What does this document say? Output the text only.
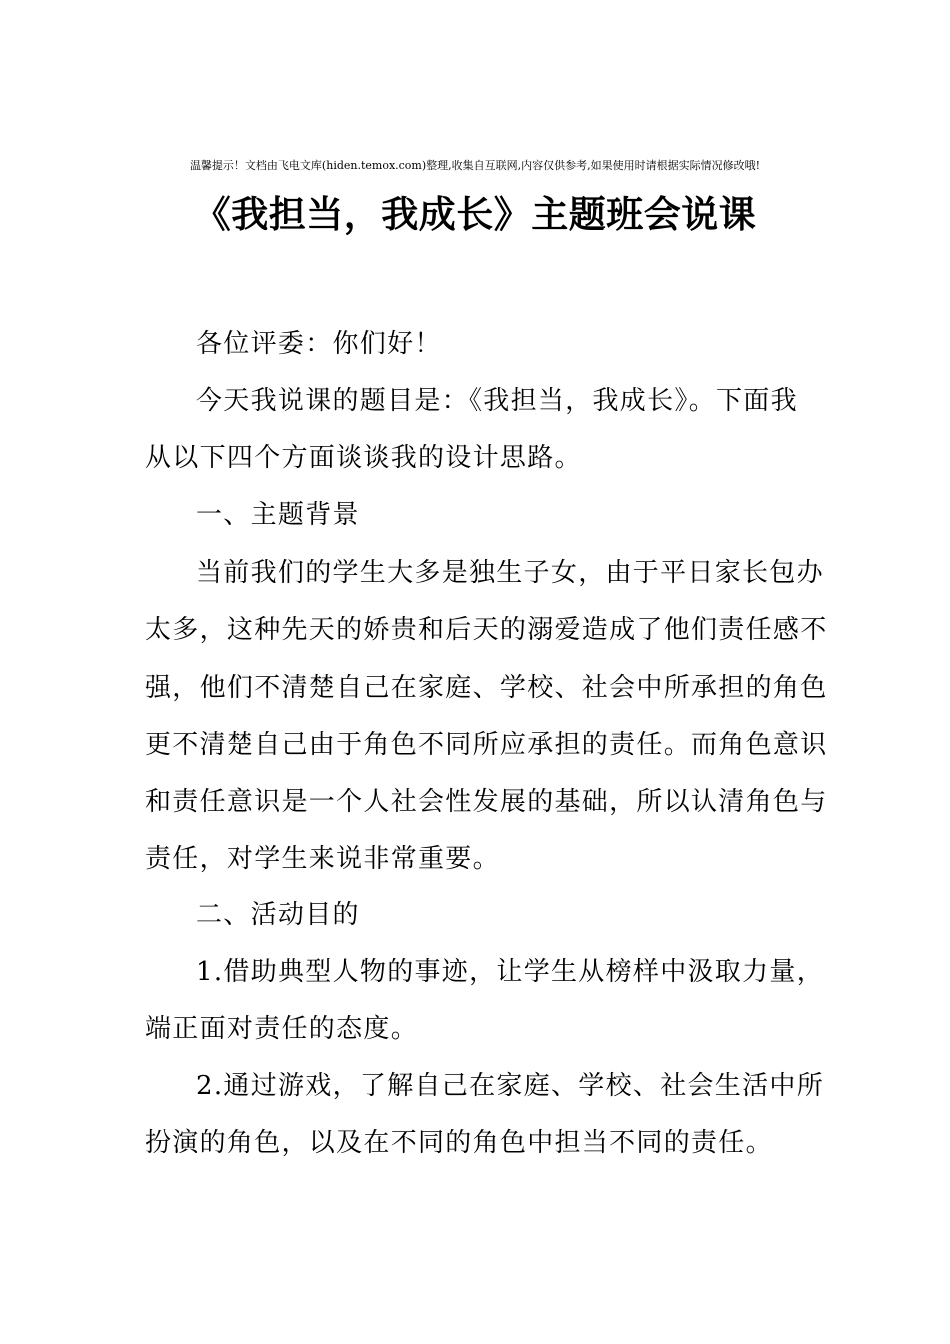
温馨提示！文档由飞电文库(hiden.temox.com)整理,收集自互联网,内容仅供参考,如果使用时请根据实际情况修改哦!
《我担当，我成长》主题班会说课
各位评委：你们好！
今天我说课的题目是：《我担当，我成长》。下面我
从以下四个方面谈谈我的设计思路。
一、主题背景
当前我们的学生大多是独生子女，由于平日家长包办
太多，这种先天的娇贵和后天的溺爱造成了他们责任感不
强，他们不清楚自己在家庭、学校、社会中所承担的角色
更不清楚自己由于角色不同所应承担的责任。而角色意识
和责任意识是一个人社会性发展的基础，所以认清角色与
责任，对学生来说非常重要。
二、活动目的
1.借助典型人物的事迹，让学生从榜样中汲取力量，
端正面对责任的态度。
2.通过游戏，了解自己在家庭、学校、社会生活中所
扮演的角色，以及在不同的角色中担当不同的责任。
